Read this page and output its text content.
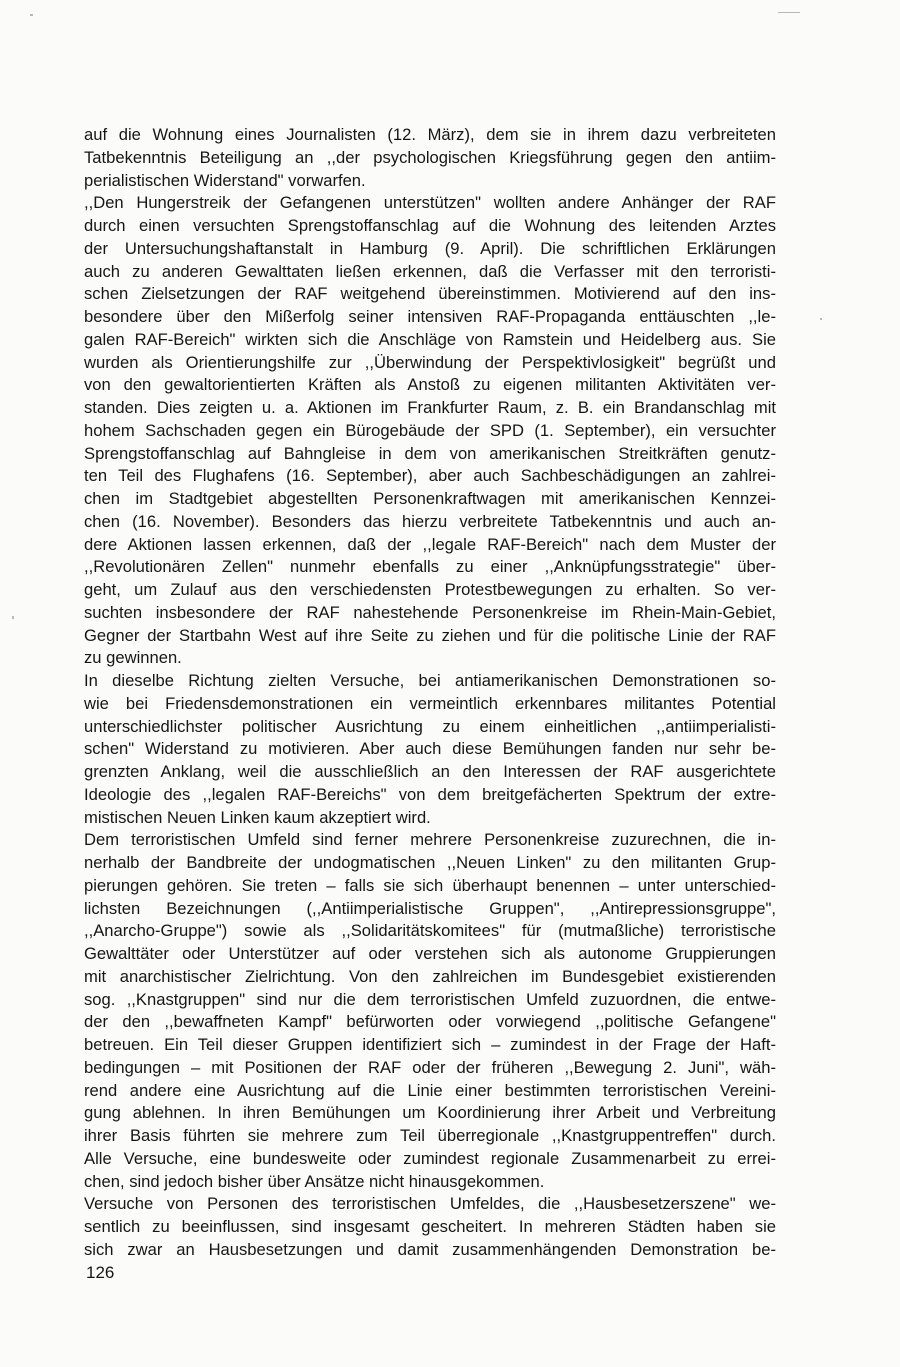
auf die Wohnung eines Journalisten (12. März), dem sie in ihrem dazu verbreiteten
Tatbekenntnis Beteiligung an ,,der psychologischen Kriegsführung gegen den antiim-
perialistischen Widerstand" vorwarfen.
,,Den Hungerstreik der Gefangenen unterstützen" wollten andere Anhänger der RAF
durch einen versuchten Sprengstoffanschlag auf die Wohnung des leitenden Arztes
der Untersuchungshaftanstalt in Hamburg (9. April). Die schriftlichen Erklärungen
auch zu anderen Gewalttaten ließen erkennen, daß die Verfasser mit den terroristi-
schen Zielsetzungen der RAF weitgehend übereinstimmen. Motivierend auf den ins-
besondere über den Mißerfolg seiner intensiven RAF-Propaganda enttäuschten ,,le-
galen RAF-Bereich" wirkten sich die Anschläge von Ramstein und Heidelberg aus. Sie
wurden als Orientierungshilfe zur ,,Überwindung der Perspektivlosigkeit" begrüßt und
von den gewaltorientierten Kräften als Anstoß zu eigenen militanten Aktivitäten ver-
standen. Dies zeigten u. a. Aktionen im Frankfurter Raum, z. B. ein Brandanschlag mit
hohem Sachschaden gegen ein Bürogebäude der SPD (1. September), ein versuchter
Sprengstoffanschlag auf Bahngleise in dem von amerikanischen Streitkräften genutz-
ten Teil des Flughafens (16. September), aber auch Sachbeschädigungen an zahlrei-
chen im Stadtgebiet abgestellten Personenkraftwagen mit amerikanischen Kennzei-
chen (16. November). Besonders das hierzu verbreitete Tatbekenntnis und auch an-
dere Aktionen lassen erkennen, daß der ,,legale RAF-Bereich" nach dem Muster der
,,Revolutionären Zellen" nunmehr ebenfalls zu einer ,,Anknüpfungsstrategie" über-
geht, um Zulauf aus den verschiedensten Protestbewegungen zu erhalten. So ver-
suchten insbesondere der RAF nahestehende Personenkreise im Rhein-Main-Gebiet,
Gegner der Startbahn West auf ihre Seite zu ziehen und für die politische Linie der RAF
zu gewinnen.
In dieselbe Richtung zielten Versuche, bei antiamerikanischen Demonstrationen so-
wie bei Friedensdemonstrationen ein vermeintlich erkennbares militantes Potential
unterschiedlichster politischer Ausrichtung zu einem einheitlichen ,,antiimperialisti-
schen" Widerstand zu motivieren. Aber auch diese Bemühungen fanden nur sehr be-
grenzten Anklang, weil die ausschließlich an den Interessen der RAF ausgerichtete
Ideologie des ,,legalen RAF-Bereichs" von dem breitgefächerten Spektrum der extre-
mistischen Neuen Linken kaum akzeptiert wird.
Dem terroristischen Umfeld sind ferner mehrere Personenkreise zuzurechnen, die in-
nerhalb der Bandbreite der undogmatischen ,,Neuen Linken" zu den militanten Grup-
pierungen gehören. Sie treten – falls sie sich überhaupt benennen – unter unterschied-
lichsten Bezeichnungen (,,Antiimperialistische Gruppen", ,,Antirepressionsgruppe",
,,Anarcho-Gruppe") sowie als ,,Solidaritätskomitees" für (mutmaßliche) terroristische
Gewalttäter oder Unterstützer auf oder verstehen sich als autonome Gruppierungen
mit anarchistischer Zielrichtung. Von den zahlreichen im Bundesgebiet existierenden
sog. ,,Knastgruppen" sind nur die dem terroristischen Umfeld zuzuordnen, die entwe-
der den ,,bewaffneten Kampf" befürworten oder vorwiegend ,,politische Gefangene"
betreuen. Ein Teil dieser Gruppen identifiziert sich – zumindest in der Frage der Haft-
bedingungen – mit Positionen der RAF oder der früheren ,,Bewegung 2. Juni", wäh-
rend andere eine Ausrichtung auf die Linie einer bestimmten terroristischen Vereini-
gung ablehnen. In ihren Bemühungen um Koordinierung ihrer Arbeit und Verbreitung
ihrer Basis führten sie mehrere zum Teil überregionale ,,Knastgruppentreffen" durch.
Alle Versuche, eine bundesweite oder zumindest regionale Zusammenarbeit zu errei-
chen, sind jedoch bisher über Ansätze nicht hinausgekommen.
Versuche von Personen des terroristischen Umfeldes, die ,,Hausbesetzerszene" we-
sentlich zu beeinflussen, sind insgesamt gescheitert. In mehreren Städten haben sie
sich zwar an Hausbesetzungen und damit zusammenhängenden Demonstration be-
126
